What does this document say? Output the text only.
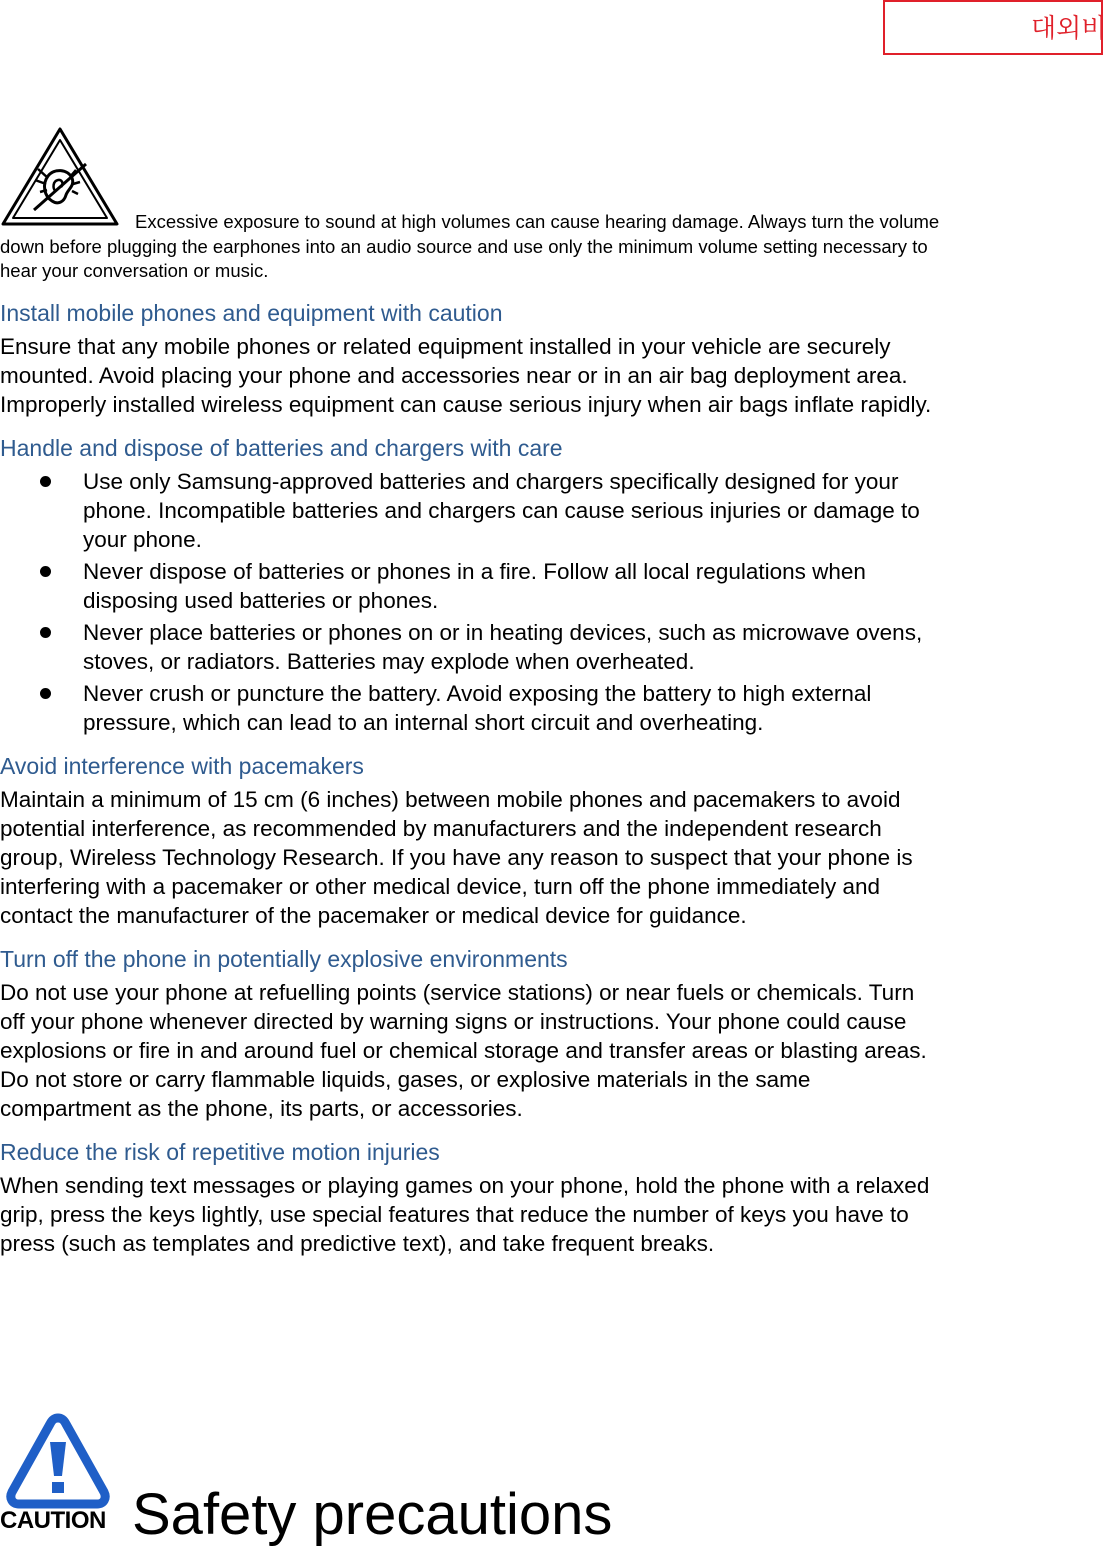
대외비
Excessive exposure to sound at high volumes can cause hearing damage. Always turn the volume down before plugging the earphones into an audio source and use only the minimum volume setting necessary to hear your conversation or music.
Install mobile phones and equipment with caution

Ensure that any mobile phones or related equipment installed in your vehicle are securely mounted. Avoid placing your phone and accessories near or in an air bag deployment area. Improperly installed wireless equipment can cause serious injury when air bags inflate rapidly.

Handle and dispose of batteries and chargers with care
Use only Samsung-approved batteries and chargers specifically designed for your phone. Incompatible batteries and chargers can cause serious injuries or damage to your phone.
Never dispose of batteries or phones in a fire. Follow all local regulations when disposing used batteries or phones.
Never place batteries or phones on or in heating devices, such as microwave ovens, stoves, or radiators. Batteries may explode when overheated.
Never crush or puncture the battery. Avoid exposing the battery to high external pressure, which can lead to an internal short circuit and overheating.
Avoid interference with pacemakers

Maintain a minimum of 15 cm (6 inches) between mobile phones and pacemakers to avoid potential interference, as recommended by manufacturers and the independent research group, Wireless Technology Research. If you have any reason to suspect that your phone is interfering with a pacemaker or other medical device, turn off the phone immediately and contact the manufacturer of the pacemaker or medical device for guidance.

Turn off the phone in potentially explosive environments

Do not use your phone at refuelling points (service stations) or near fuels or chemicals. Turn off your phone whenever directed by warning signs or instructions. Your phone could cause explosions or fire in and around fuel or chemical storage and transfer areas or blasting areas. Do not store or carry flammable liquids, gases, or explosive materials in the same compartment as the phone, its parts, or accessories.

Reduce the risk of repetitive motion injuries

When sending text messages or playing games on your phone, hold the phone with a relaxed grip, press the keys lightly, use special features that reduce the number of keys you have to press (such as templates and predictive text), and take frequent breaks.

CAUTION Safety precautions
